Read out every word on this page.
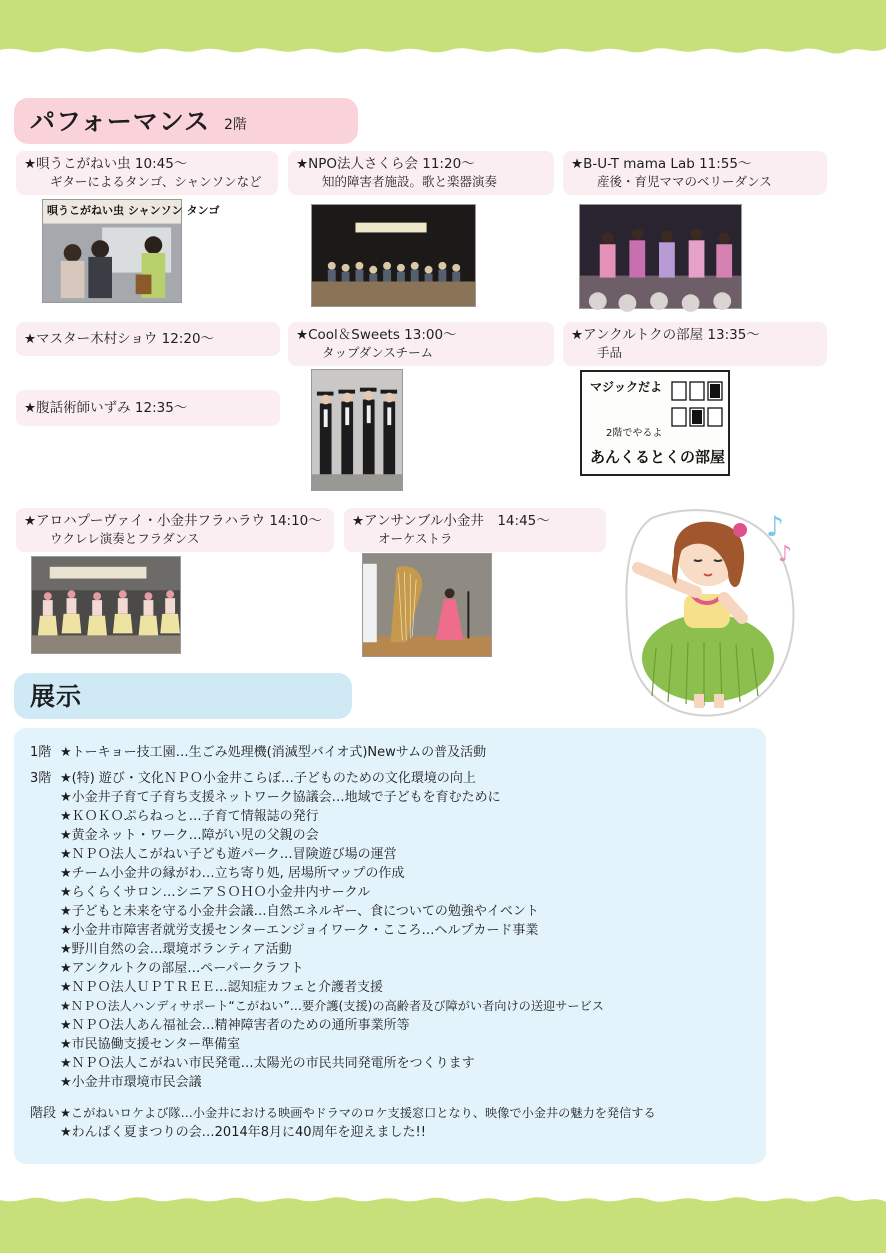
パフォーマンス 2階
★唄うこがねい虫 10:45～
ギターによるタンゴ、シャンソンなど
★NPO法人さくら会 11:20～
知的障害者施設。歌と楽器演奏
★B-U-T mama Lab 11:55～
産後・育児ママのベリーダンス
唄うこがねい虫 シャンソン タンゴ
★マスター木村ショウ 12:20～	★Cool＆Sweets 13:00～
タップダンスチーム
★アンクルトクの部屋 13:35～
手品
★腹話術師いずみ 12:35～
マジックだよ
2階でやるよ
あんくるとくの部屋
★アロハプーヴァイ・小金井フラハラウ 14:10～
ウクレレ演奏とフラダンス
★アンサンブル小金井　14:45～
オーケストラ	♪
♪
展示
1階
3階
階段
★トーキョー技工園…生ごみ処理機(消滅型バイオ式)Newサムの普及活動
★(特) 遊び・文化ＮＰＯ小金井こらぼ…子どものための文化環境の向上
★小金井子育て子育ち支援ネットワーク協議会…地域で子どもを育むために
★ＫＯＫＯぷらねっと…子育て情報誌の発行
★黄金ネット・ワーク…障がい児の父親の会
★ＮＰＯ法人こがねい子ども遊パーク…冒険遊び場の運営
★チーム小金井の縁がわ…立ち寄り処, 居場所マップの作成
★らくらくサロン…シニアＳＯＨＯ小金井内サークル
★子どもと未来を守る小金井会議…自然エネルギー、食についての勉強やイベント
★小金井市障害者就労支援センターエンジョイワーク・こころ…ヘルプカード事業
★野川自然の会…環境ボランティア活動
★アンクルトクの部屋…ペーパークラフト
★ＮＰＯ法人ＵＰＴＲＥＥ…認知症カフェと介護者支援
★ＮＰＯ法人ハンディサポート“こがねい”…要介護(支援)の高齢者及び障がい者向けの送迎サービス
★ＮＰＯ法人あん福祉会…精神障害者のための通所事業所等
★市民協働支援センター準備室
★ＮＰＯ法人こがねい市民発電…太陽光の市民共同発電所をつくります
★小金井市環境市民会議
★こがねいロケよび隊…小金井における映画やドラマのロケ支援窓口となり、映像で小金井の魅力を発信する
★わんぱく夏まつりの会…2014年8月に40周年を迎えました!!
